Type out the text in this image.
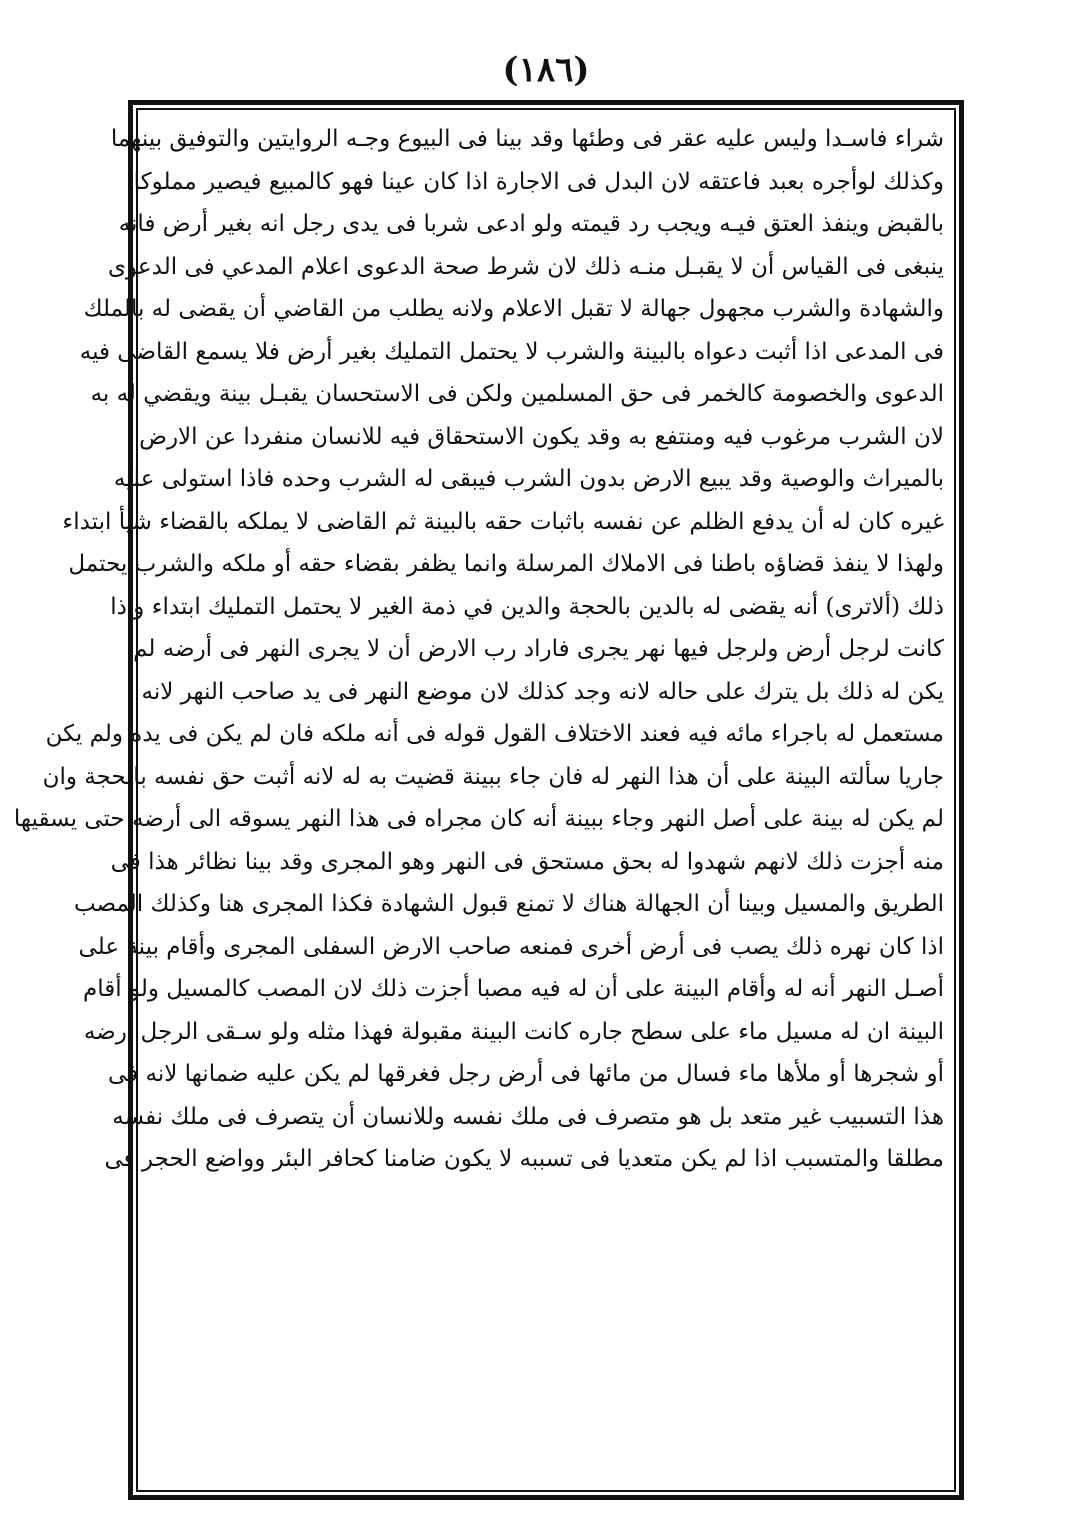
(١٨٦)
شراء فاسـدا وليس عليه عقر فى وطئها وقد بينا فى البيوع وجـه الروايتين والتوفيق بينهما
وكذلك لوأجره بعبد فاعتقه لان البدل فى الاجارة اذا كان عينا فهو كالمبيع فيصير مملوكا
بالقبض وينفذ العتق فيـه ويجب رد قيمته ولو ادعى شربا فى يدى رجل انه بغير أرض فانه
ينبغى فى القياس أن لا يقبـل منـه ذلك لان شرط صحة الدعوى اعلام المدعي فى الدعوى
والشهادة والشرب مجهول جهالة لا تقبل الاعلام ولانه يطلب من القاضي أن يقضى له بالملك
فى المدعى اذا أثبت دعواه بالبينة والشرب لا يحتمل التمليك بغير أرض فلا يسمع القاضى فيه
الدعوى والخصومة كالخمر فى حق المسلمين ولكن فى الاستحسان يقبـل بينة ويقضي له به
لان الشرب مرغوب فيه ومنتفع به وقد يكون الاستحقاق فيه للانسان منفردا عن الارض
بالميراث والوصية وقد يبيع الارض بدون الشرب فيبقى له الشرب وحده فاذا استولى عليه
غيره كان له أن يدفع الظلم عن نفسه باثبات حقه بالبينة ثم القاضى لا يملكه بالقضاء شيأ ابتداء
ولهذا لا ينفذ قضاؤه باطنا فى الاملاك المرسلة وانما يظفر بقضاء حقه أو ملكه والشرب يحتمل
ذلك (ألاترى) أنه يقضى له بالدين بالحجة والدين في ذمة الغير لا يحتمل التمليك ابتداء واذا
كانت لرجل أرض ولرجل فيها نهر يجرى فاراد رب الارض أن لا يجرى النهر فى أرضه لم
يكن له ذلك بل يترك على حاله لانه وجد كذلك لان موضع النهر فى يد صاحب النهر لانه
مستعمل له باجراء مائه فيه فعند الاختلاف القول قوله فى أنه ملكه فان لم يكن فى يده ولم يكن
جاريا سألته البينة على أن هذا النهر له فان جاء ببينة قضيت به له لانه أثبت حق نفسه بالحجة وان
لم يكن له بينة على أصل النهر وجاء ببينة أنه كان مجراه فى هذا النهر يسوقه الى أرضه حتى يسقيها
منه أجزت ذلك لانهم شهدوا له بحق مستحق فى النهر وهو المجرى وقد بينا نظائر هذا فى
الطريق والمسيل وبينا أن الجهالة هناك لا تمنع قبول الشهادة فكذا المجرى هنا وكذلك المصب
اذا كان نهره ذلك يصب فى أرض أخرى فمنعه صاحب الارض السفلى المجرى وأقام بينة على
أصـل النهر أنه له وأقام البينة على أن له فيه مصبا أجزت ذلك لان المصب كالمسيل ولو أقام
البينة ان له مسيل ماء على سطح جاره كانت البينة مقبولة فهذا مثله ولو سـقى الرجل أرضه
أو شجرها أو ملأها ماء فسال من مائها فى أرض رجل فغرقها لم يكن عليه ضمانها لانه فى
هذا التسبيب غير متعد بل هو متصرف فى ملك نفسه وللانسان أن يتصرف فى ملك نفسه
مطلقا والمتسبب اذا لم يكن متعديا فى تسببه لا يكون ضامنا كحافر البئر وواضع الحجر فى
